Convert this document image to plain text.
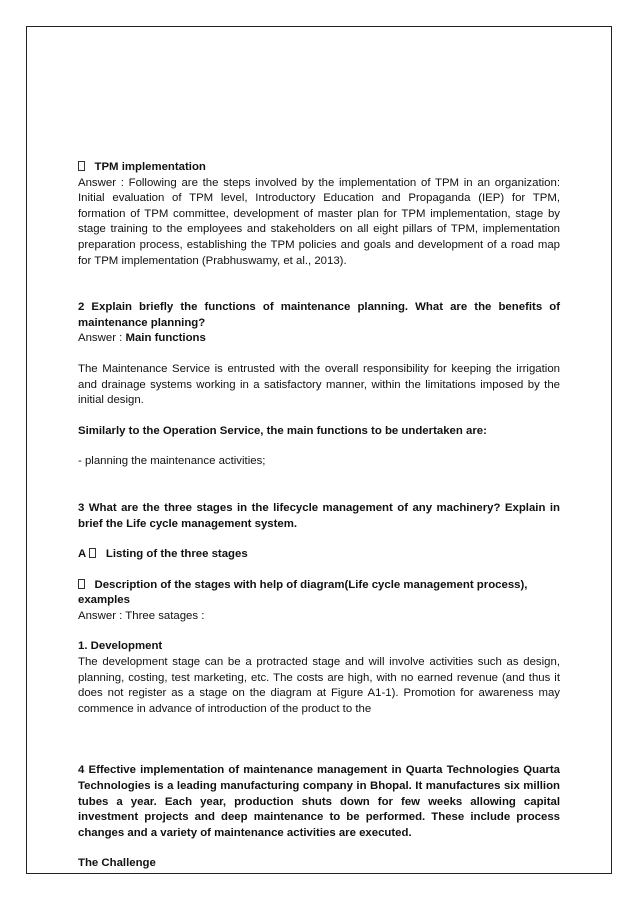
TPM implementation

Answer : Following are the steps involved by the implementation of TPM in an organization: Initial evaluation of TPM level, Introductory Education and Propaganda (IEP) for TPM, formation of TPM committee, development of master plan for TPM implementation, stage by stage training to the employees and stakeholders on all eight pillars of TPM, implementation preparation process, establishing the TPM policies and goals and development of a road map for TPM implementation (Prabhuswamy, et al., 2013).

2 Explain briefly the functions of maintenance planning. What are the benefits of maintenance planning?

Answer : Main functions

The Maintenance Service is entrusted with the overall responsibility for keeping the irrigation and drainage systems working in a satisfactory manner, within the limitations imposed by the initial design.

Similarly to the Operation Service, the main functions to be undertaken are:

- planning the maintenance activities;

3 What are the three stages in the lifecycle management of any machinery? Explain in brief the Life cycle management system.

A Listing of the three stages

Description of the stages with help of diagram(Life cycle management process), examples

Answer : Three satages :

1. Development

The development stage can be a protracted stage and will involve activities such as design, planning, costing, test marketing, etc. The costs are high, with no earned revenue (and thus it does not register as a stage on the diagram at Figure A1-1). Promotion for awareness may commence in advance of introduction of the product to the

4 Effective implementation of maintenance management in Quarta Technologies Quarta Technologies is a leading manufacturing company in Bhopal. It manufactures six million tubes a year. Each year, production shuts down for few weeks allowing capital investment projects and deep maintenance to be performed. These include process changes and a variety of maintenance activities are executed.

The Challenge
